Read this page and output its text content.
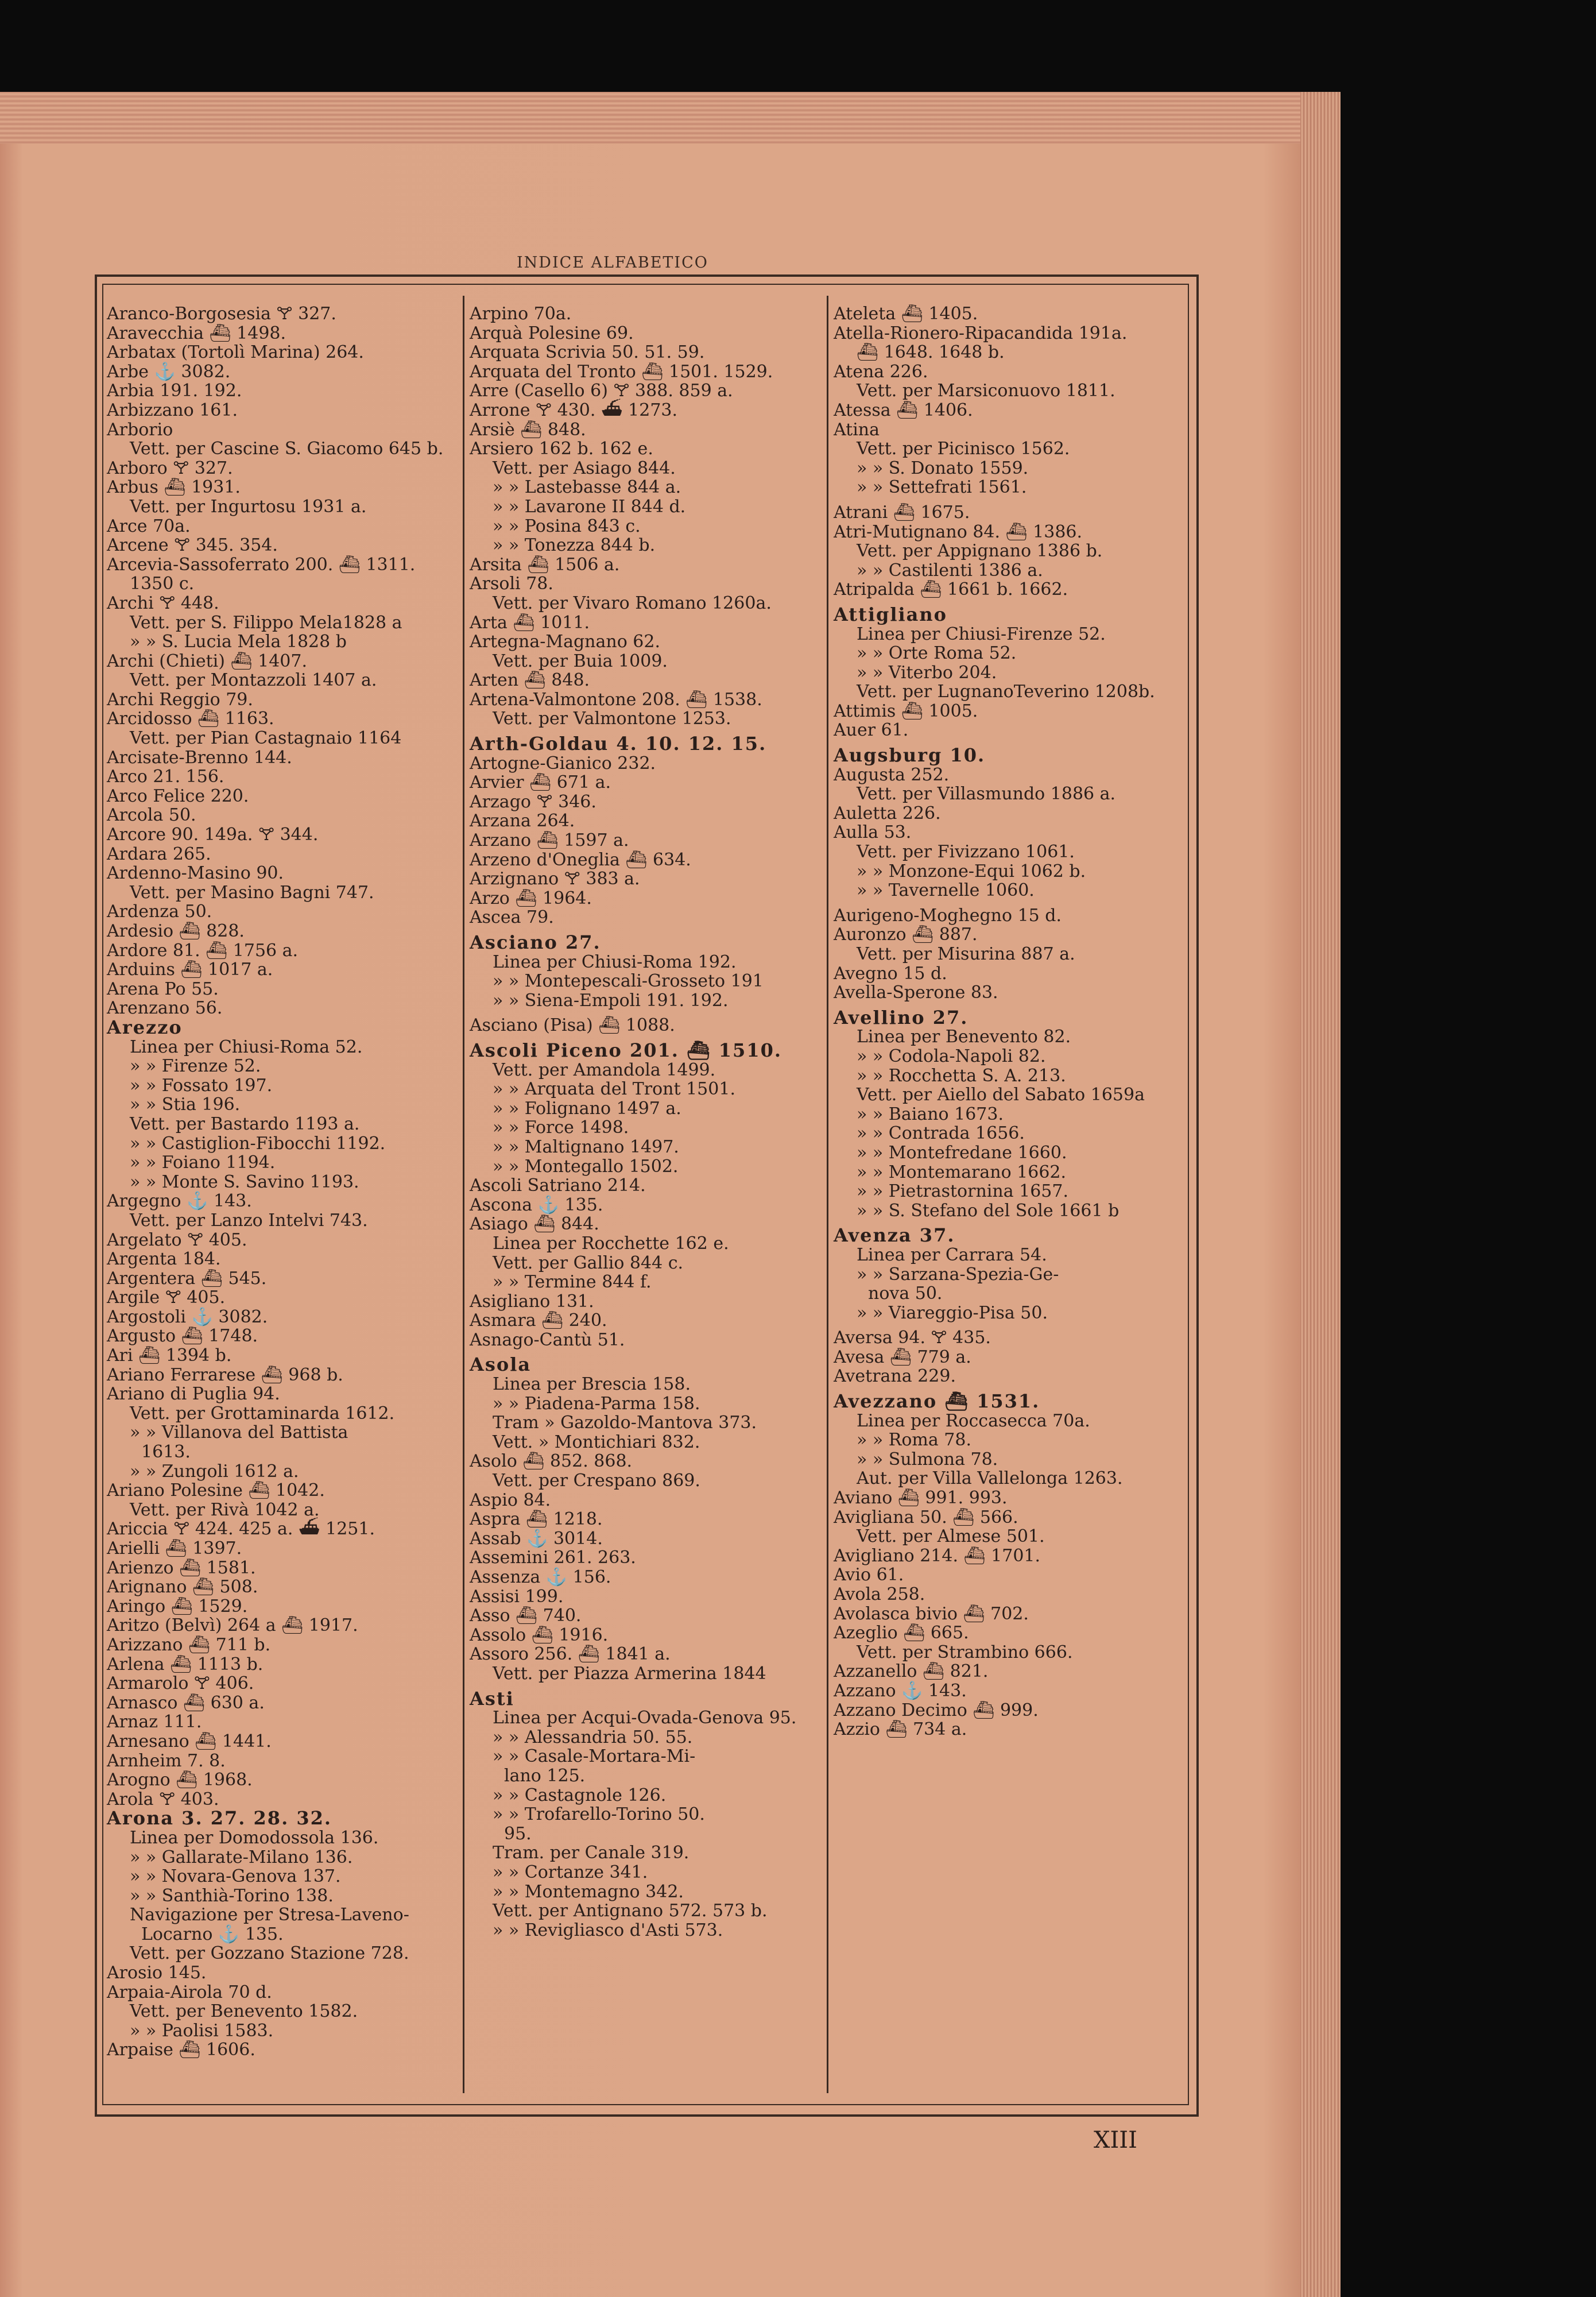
INDICE ALFABETICO
Aranco-Borgosesia 🝖 327.
Aravecchia ⛴ 1498.
Arbatax (Tortolì Marina) 264.
Arbe ⚓ 3082.
Arbia 191. 192.
Arbizzano 161.
Arborio
Vett. per Cascine S. Giacomo 645 b.
Arboro 🝖 327.
Arbus ⛴ 1931.
Vett. per Ingurtosu 1931 a.
Arce 70a.
Arcene 🝖 345. 354.
Arcevia-Sassoferrato 200. ⛴ 1311.
1350 c.
Archi 🝖 448.
Vett. per S. Filippo Mela1828 a
» » S. Lucia Mela 1828 b
Archi (Chieti) ⛴ 1407.
Vett. per Montazzoli 1407 a.
Archi Reggio 79.
Arcidosso ⛴ 1163.
Vett. per Pian Castagnaio 1164
Arcisate-Brenno 144.
Arco 21. 156.
Arco Felice 220.
Arcola 50.
Arcore 90. 149a. 🝖 344.
Ardara 265.
Ardenno-Masino 90.
Vett. per Masino Bagni 747.
Ardenza 50.
Ardesio ⛴ 828.
Ardore 81. ⛴ 1756 a.
Arduins ⛴ 1017 a.
Arena Po 55.
Arenzano 56.
Arezzo
Linea per Chiusi-Roma 52.
» » Firenze 52.
» » Fossato 197.
» » Stia 196.
Vett. per Bastardo 1193 a.
» » Castiglion-Fibocchi 1192.
» » Foiano 1194.
» » Monte S. Savino 1193.
Argegno ⚓ 143.
Vett. per Lanzo Intelvi 743.
Argelato 🝖 405.
Argenta 184.
Argentera ⛴ 545.
Argile 🝖 405.
Argostoli ⚓ 3082.
Argusto ⛴ 1748.
Ari ⛴ 1394 b.
Ariano Ferrarese ⛴ 968 b.
Ariano di Puglia 94.
Vett. per Grottaminarda 1612.
» » Villanova del Battista
1613.
» » Zungoli 1612 a.
Ariano Polesine ⛴ 1042.
Vett. per Rivà 1042 a.
Ariccia 🝖 424. 425 a. ⛴ 1251.
Arielli ⛴ 1397.
Arienzo ⛴ 1581.
Arignano ⛴ 508.
Aringo ⛴ 1529.
Aritzo (Belvì) 264 a ⛴ 1917.
Arizzano ⛴ 711 b.
Arlena ⛴ 1113 b.
Armarolo 🝖 406.
Arnasco ⛴ 630 a.
Arnaz 111.
Arnesano ⛴ 1441.
Arnheim 7. 8.
Arogno ⛴ 1968.
Arola 🝖 403.
Arona 3. 27. 28. 32.
Linea per Domodossola 136.
» » Gallarate-Milano 136.
» » Novara-Genova 137.
» » Santhià-Torino 138.
Navigazione per Stresa-Laveno-
Locarno ⚓ 135.
Vett. per Gozzano Stazione 728.
Arosio 145.
Arpaia-Airola 70 d.
Vett. per Benevento 1582.
» » Paolisi 1583.
Arpaise ⛴ 1606.
Arpino 70a.
Arquà Polesine 69.
Arquata Scrivia 50. 51. 59.
Arquata del Tronto ⛴ 1501. 1529.
Arre (Casello 6) 🝖 388. 859 a.
Arrone 🝖 430. ⛴ 1273.
Arsiè ⛴ 848.
Arsiero 162 b. 162 e.
Vett. per Asiago 844.
» » Lastebasse 844 a.
» » Lavarone II 844 d.
» » Posina 843 c.
» » Tonezza 844 b.
Arsita ⛴ 1506 a.
Arsoli 78.
Vett. per Vivaro Romano 1260a.
Arta ⛴ 1011.
Artegna-Magnano 62.
Vett. per Buia 1009.
Arten ⛴ 848.
Artena-Valmontone 208. ⛴ 1538.
Vett. per Valmontone 1253.
Arth-Goldau 4. 10. 12. 15.
Artogne-Gianico 232.
Arvier ⛴ 671 a.
Arzago 🝖 346.
Arzana 264.
Arzano ⛴ 1597 a.
Arzeno d'Oneglia ⛴ 634.
Arzignano 🝖 383 a.
Arzo ⛴ 1964.
Ascea 79.
Asciano 27.
Linea per Chiusi-Roma 192.
» » Montepescali-Grosseto 191
» » Siena-Empoli 191. 192.
Asciano (Pisa) ⛴ 1088.
Ascoli Piceno 201. ⛴ 1510.
Vett. per Amandola 1499.
» » Arquata del Tront 1501.
» » Folignano 1497 a.
» » Force 1498.
» » Maltignano 1497.
» » Montegallo 1502.
Ascoli Satriano 214.
Ascona ⚓ 135.
Asiago ⛴ 844.
Linea per Rocchette 162 e.
Vett. per Gallio 844 c.
» » Termine 844 f.
Asigliano 131.
Asmara ⛴ 240.
Asnago-Cantù 51.
Asola
Linea per Brescia 158.
» » Piadena-Parma 158.
Tram » Gazoldo-Mantova 373.
Vett. » Montichiari 832.
Asolo ⛴ 852. 868.
Vett. per Crespano 869.
Aspio 84.
Aspra ⛴ 1218.
Assab ⚓ 3014.
Assemini 261. 263.
Assenza ⚓ 156.
Assisi 199.
Asso ⛴ 740.
Assolo ⛴ 1916.
Assoro 256. ⛴ 1841 a.
Vett. per Piazza Armerina 1844
Asti
Linea per Acqui-Ovada-Genova 95.
» » Alessandria 50. 55.
» » Casale-Mortara-Mi-
lano 125.
» » Castagnole 126.
» » Trofarello-Torino 50.
95.
Tram. per Canale 319.
» » Cortanze 341.
» » Montemagno 342.
Vett. per Antignano 572. 573 b.
» » Revigliasco d'Asti 573.
Ateleta ⛴ 1405.
Atella-Rionero-Ripacandida 191a.
⛴ 1648. 1648 b.
Atena 226.
Vett. per Marsiconuovo 1811.
Atessa ⛴ 1406.
Atina
Vett. per Picinisco 1562.
» » S. Donato 1559.
» » Settefrati 1561.
Atrani ⛴ 1675.
Atri-Mutignano 84. ⛴ 1386.
Vett. per Appignano 1386 b.
» » Castilenti 1386 a.
Atripalda ⛴ 1661 b. 1662.
Attigliano
Linea per Chiusi-Firenze 52.
» » Orte Roma 52.
» » Viterbo 204.
Vett. per LugnanoTeverino 1208b.
Attimis ⛴ 1005.
Auer 61.
Augsburg 10.
Augusta 252.
Vett. per Villasmundo 1886 a.
Auletta 226.
Aulla 53.
Vett. per Fivizzano 1061.
» » Monzone-Equi 1062 b.
» » Tavernelle 1060.
Aurigeno-Moghegno 15 d.
Auronzo ⛴ 887.
Vett. per Misurina 887 a.
Avegno 15 d.
Avella-Sperone 83.
Avellino 27.
Linea per Benevento 82.
» » Codola-Napoli 82.
» » Rocchetta S. A. 213.
Vett. per Aiello del Sabato 1659a
» » Baiano 1673.
» » Contrada 1656.
» » Montefredane 1660.
» » Montemarano 1662.
» » Pietrastornina 1657.
» » S. Stefano del Sole 1661 b
Avenza 37.
Linea per Carrara 54.
» » Sarzana-Spezia-Ge-
nova 50.
» » Viareggio-Pisa 50.
Aversa 94. 🝖 435.
Avesa ⛴ 779 a.
Avetrana 229.
Avezzano ⛴ 1531.
Linea per Roccasecca 70a.
» » Roma 78.
» » Sulmona 78.
Aut. per Villa Vallelonga 1263.
Aviano ⛴ 991. 993.
Avigliana 50. ⛴ 566.
Vett. per Almese 501.
Avigliano 214. ⛴ 1701.
Avio 61.
Avola 258.
Avolasca bivio ⛴ 702.
Azeglio ⛴ 665.
Vett. per Strambino 666.
Azzanello ⛴ 821.
Azzano ⚓ 143.
Azzano Decimo ⛴ 999.
Azzio ⛴ 734 a.
XIII
